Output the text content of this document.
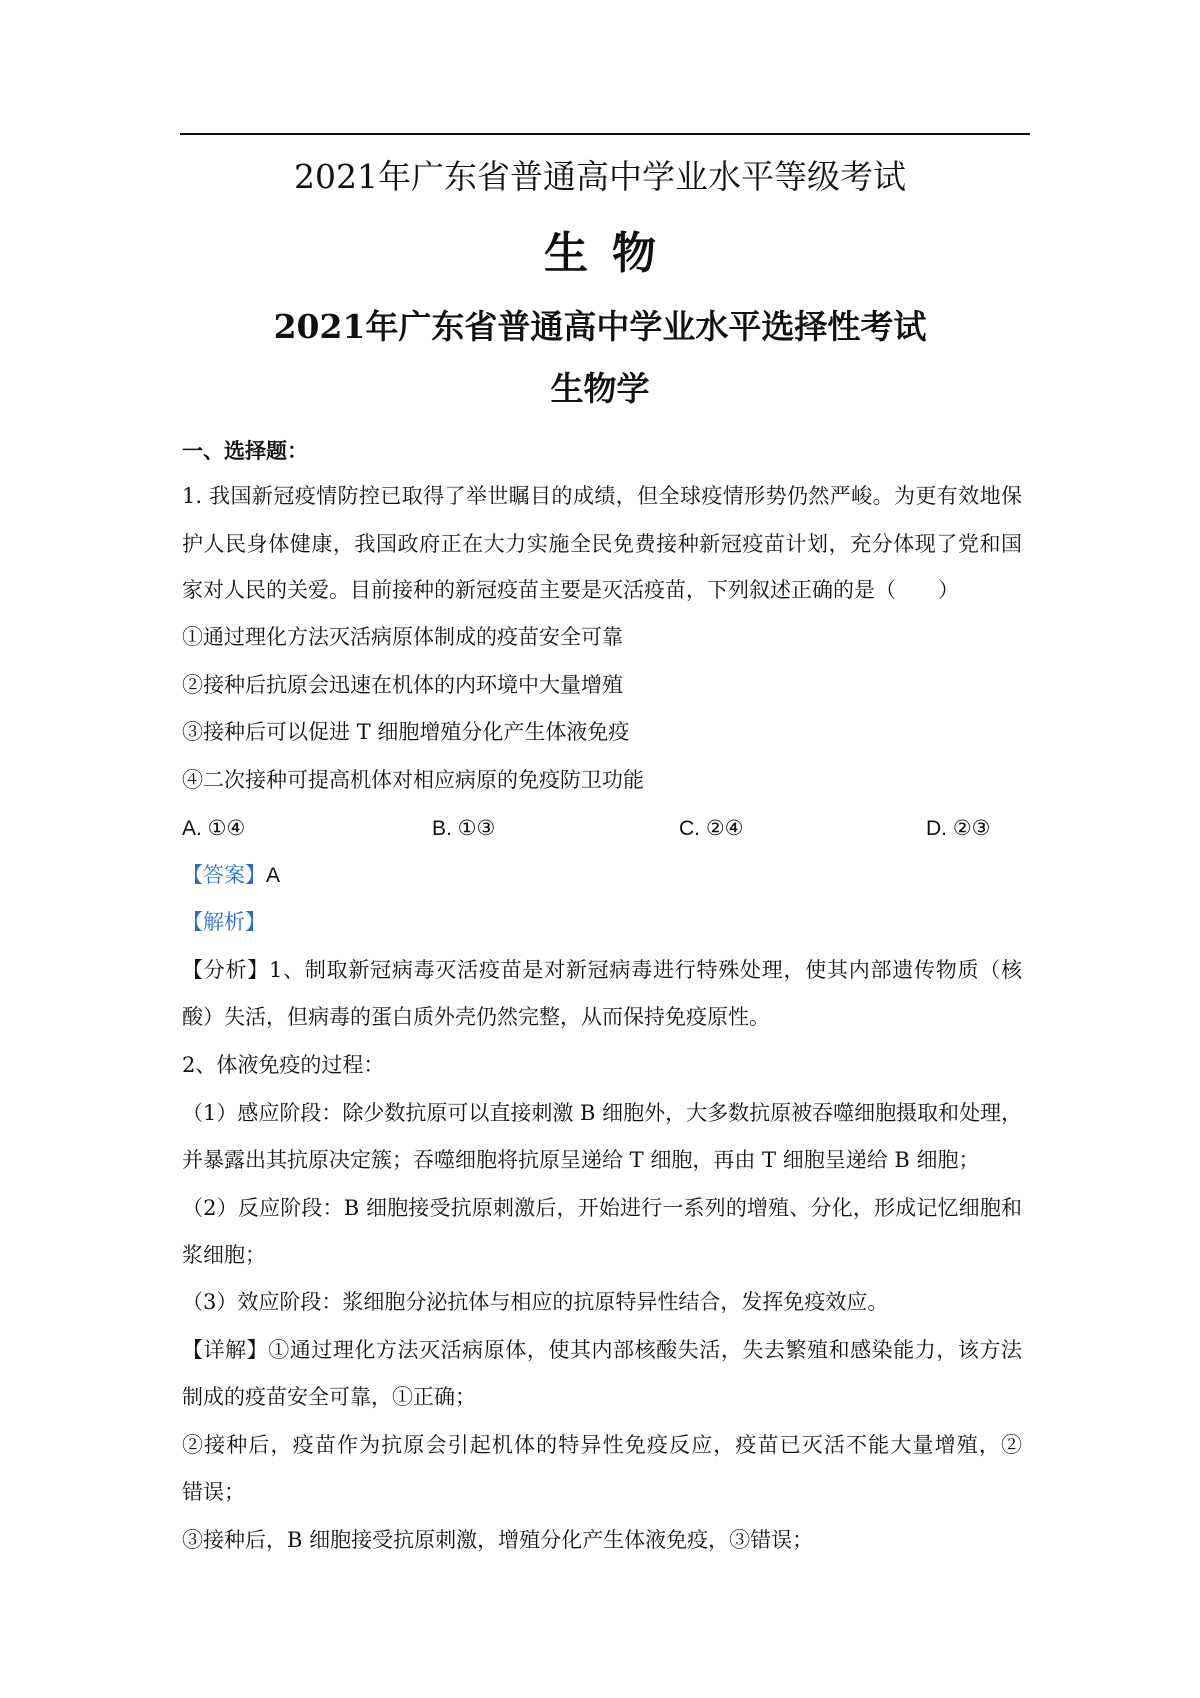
2021年广东省普通高中学业水平等级考试
生物
2021年广东省普通高中学业水平选择性考试
生物学
一、选择题：
1. 我国新冠疫情防控已取得了举世瞩目的成绩，但全球疫情形势仍然严峻。为更有效地保
护人民身体健康，我国政府正在大力实施全民免费接种新冠疫苗计划，充分体现了党和国
家对人民的关爱。目前接种的新冠疫苗主要是灭活疫苗，下列叙述正确的是（　　）
①通过理化方法灭活病原体制成的疫苗安全可靠
②接种后抗原会迅速在机体的内环境中大量增殖
③接种后可以促进 T 细胞增殖分化产生体液免疫
④二次接种可提高机体对相应病原的免疫防卫功能
A. ①④	B. ①③	C. ②④	D. ②③
【答案】A
【解析】
【分析】1、制取新冠病毒灭活疫苗是对新冠病毒进行特殊处理，使其内部遗传物质（核
酸）失活，但病毒的蛋白质外壳仍然完整，从而保持免疫原性。
2、体液免疫的过程：
（1）感应阶段：除少数抗原可以直接刺激 B 细胞外，大多数抗原被吞噬细胞摄取和处理，
并暴露出其抗原决定簇；吞噬细胞将抗原呈递给 T 细胞，再由 T 细胞呈递给 B 细胞；
（2）反应阶段：B 细胞接受抗原刺激后，开始进行一系列的增殖、分化，形成记忆细胞和
浆细胞；
（3）效应阶段：浆细胞分泌抗体与相应的抗原特异性结合，发挥免疫效应。
【详解】①通过理化方法灭活病原体，使其内部核酸失活，失去繁殖和感染能力，该方法
制成的疫苗安全可靠，①正确；
②接种后，疫苗作为抗原会引起机体的特异性免疫反应，疫苗已灭活不能大量增殖，②
错误；
③接种后，B 细胞接受抗原刺激，增殖分化产生体液免疫，③错误；
